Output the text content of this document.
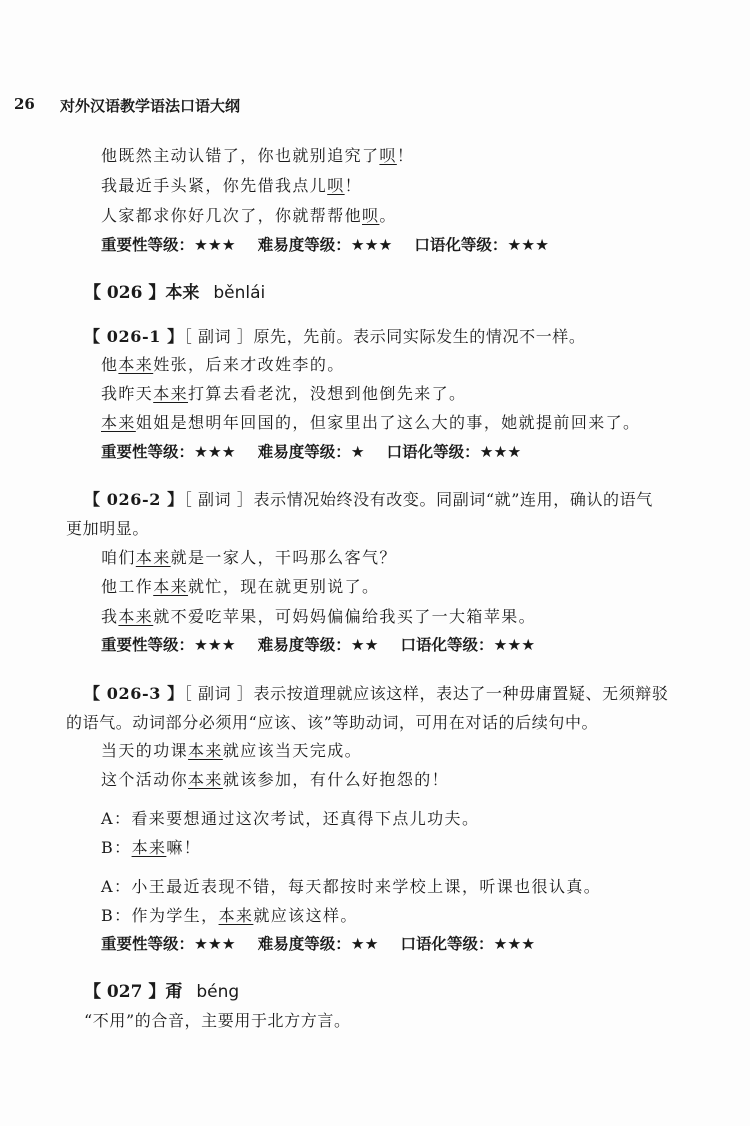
26 对外汉语教学语法口语大纲
他既然主动认错了，你也就别追究了呗！
我最近手头紧，你先借我点儿呗！
人家都求你好几次了，你就帮帮他呗。
重要性等级：★★★ 难易度等级：★★★ 口语化等级：★★★
【 026 】本来 běnlái
【 026-1 】［ 副词 ］原先，先前。表示同实际发生的情况不一样。
他本来姓张，后来才改姓李的。
我昨天本来打算去看老沈，没想到他倒先来了。
本来姐姐是想明年回国的，但家里出了这么大的事，她就提前回来了。
重要性等级：★★★ 难易度等级：★ 口语化等级：★★★
【 026-2 】［ 副词 ］表示情况始终没有改变。同副词“就”连用，确认的语气
更加明显。
咱们本来就是一家人，干吗那么客气？
他工作本来就忙，现在就更别说了。
我本来就不爱吃苹果，可妈妈偏偏给我买了一大箱苹果。
重要性等级：★★★ 难易度等级：★★ 口语化等级：★★★
【 026-3 】［ 副词 ］表示按道理就应该这样，表达了一种毋庸置疑、无须辩驳
的语气。动词部分必须用“应该、该”等助动词，可用在对话的后续句中。
当天的功课本来就应该当天完成。
这个活动你本来就该参加，有什么好抱怨的！
A：看来要想通过这次考试，还真得下点儿功夫。
B：本来嘛！
A：小王最近表现不错，每天都按时来学校上课，听课也很认真。
B：作为学生，本来就应该这样。
重要性等级：★★★ 难易度等级：★★ 口语化等级：★★★
【 027 】甭 béng
“不用”的合音，主要用于北方方言。
